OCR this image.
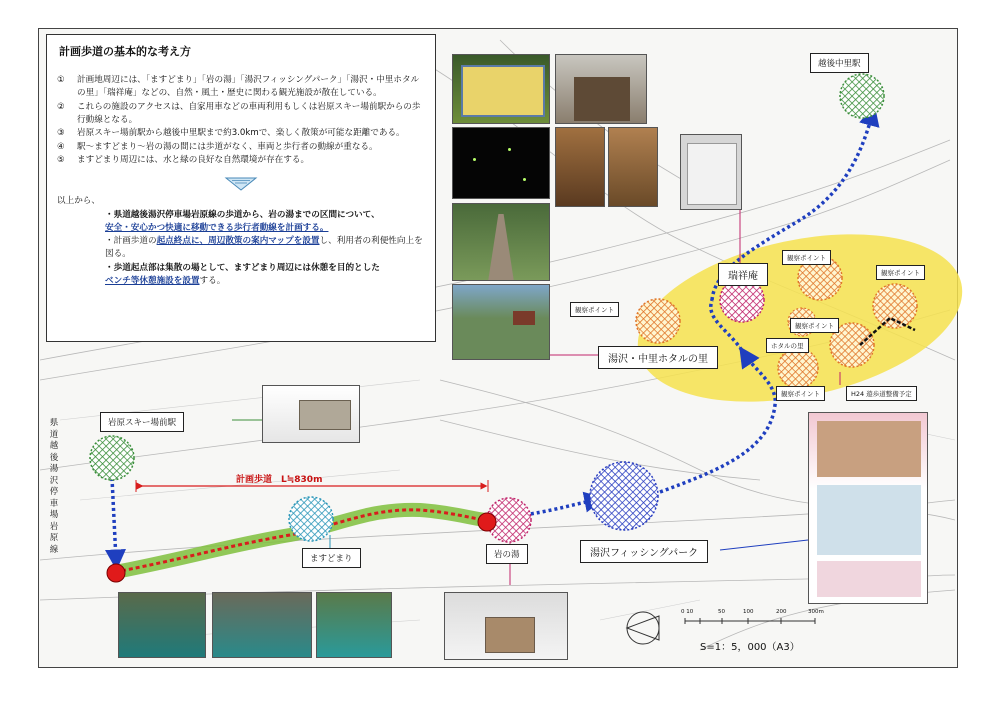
計画歩道の基本的な考え方
①	計画地周辺には、「ますどまり」「岩の湯」「湯沢フィッシングパーク」「湯沢・中里ホタルの里」「瑞祥庵」などの、自然・風土・歴史に関わる観光施設が散在している。
②	これらの施設のアクセスは、自家用車などの車両利用もしくは岩原スキー場前駅からの歩行動線となる。
③	岩原スキー場前駅から越後中里駅まで約3.0kmで、楽しく散策が可能な距離である。
④	駅～ますどまり～岩の湯の間には歩道がなく、車両と歩行者の動線が重なる。
⑤	ますどまり周辺には、水と緑の良好な自然環境が存在する。
以上から、
・県道越後湯沢停車場岩原線の歩道から、岩の湯までの区間について、
安全・安心かつ快適に移動できる歩行者動線を計画する。
・計画歩道の起点終点に、周辺散策の案内マップを設置し、利用者の利便性向上を図る。
・歩道起点部は集散の場として、ますどまり周辺には休憩を目的とした
ベンチ等休憩施設を設置する。
越後中里駅
岩原スキー場前駅
ますどまり	岩の湯	湯沢フィッシングパーク
湯沢・中里ホタルの里
瑞祥庵
観察ポイント
観察ポイント
観察ポイント
観察ポイント
観察ポイント
ホタルの里
H24 遊歩道整備予定
計画歩道　L≒830m
県道越後湯沢停車場岩原線
0 10	50	100	200	300m
S=1：5，000（A3）
